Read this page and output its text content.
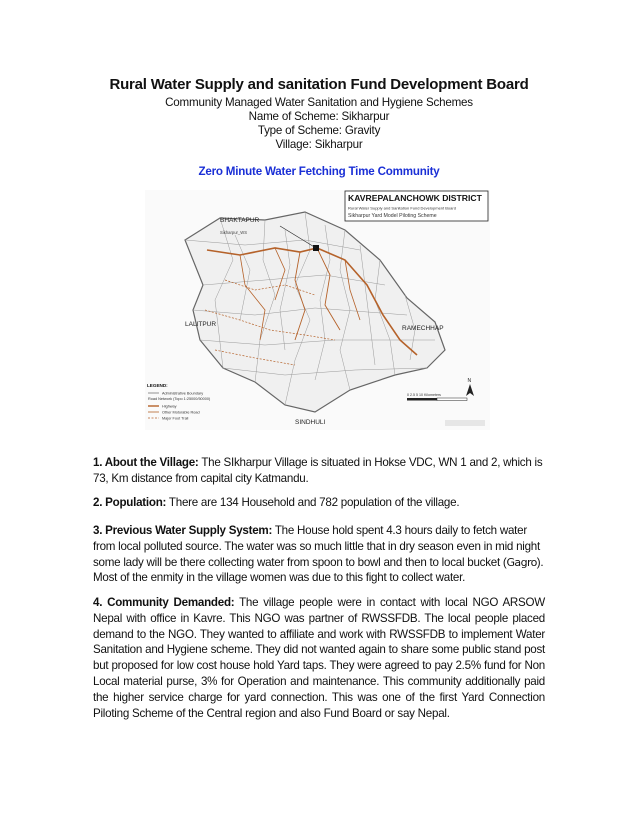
Rural Water Supply and sanitation Fund Development Board
Community Managed Water Sanitation and Hygiene Schemes
Name of Scheme: Sikharpur
Type of Scheme: Gravity
Village: Sikharpur
Zero Minute Water Fetching Time Community
KAVREPALANCHOWK DISTRICT
Rural Water Supply and Sanitation Fund Development Board
Sikharpur Yard Model Piloting Scheme
BHAKTAPUR
Sikharpur_WS
LALITPUR
RAMECHHAP
SINDHULI
LEGEND:
Administrative Boundary
Road Network (Topo 1:25000/50000)
Highway
Other Motorable Road
Major Foot Trail
0 2.5 5 10 Kilometers
N
1. About the Village: The SIkharpur Village is situated in Hokse VDC, WN 1 and 2, which is 73, Km distance from capital city Katmandu.
2. Population: There are 134 Household and 782 population of the village.
3. Previous Water Supply System: The House hold spent 4.3 hours daily to fetch water from local polluted source. The water was so much little that in dry season even in mid night some lady will be there collecting water from spoon to bowl and then to local bucket (Gagro). Most of the enmity in the village women was due to this fight to collect water.
4. Community Demanded: The village people were in contact with local NGO ARSOW Nepal with office in Kavre. This NGO was partner of RWSSFDB. The local people placed demand to the NGO. They wanted to affiliate and work with RWSSFDB to implement Water Sanitation and Hygiene scheme. They did not wanted again to share some public stand post but proposed for low cost house hold Yard taps. They were agreed to pay 2.5% fund for Non Local material purse, 3% for Operation and maintenance. This community additionally paid the higher service charge for yard connection. This was one of the first Yard Connection Piloting Scheme of the Central region and also Fund Board or say Nepal.
